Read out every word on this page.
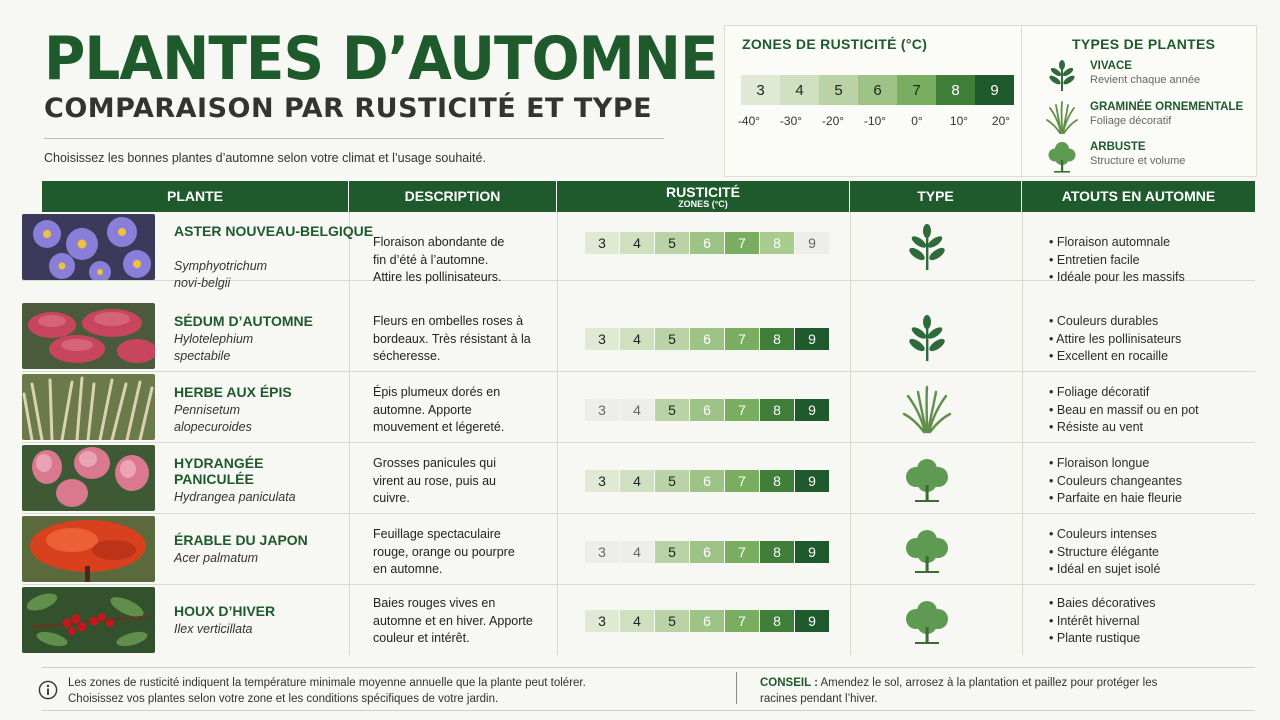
PLANTES D’AUTOMNE
COMPARAISON PAR RUSTICITÉ ET TYPE
Choisissez les bonnes plantes d’automne selon votre climat et l’usage souhaité.
ZONES DE RUSTICITÉ (°C)
3	4	5	6	7	8	9
-40°	-30°	-20°	-10°	0°	10°	20°
TYPES DE PLANTES
VIVACE
Revient chaque année
GRAMINÉE ORNEMENTALE
Foliage décoratif
ARBUSTE
Structure et volume
PLANTE	DESCRIPTION	RUSTICITÉ
ZONES (°C)	TYPE	ATOUTS EN AUTOMNE
ASTER NOUVEAU-BELGIQUE
Symphyotrichum novi-belgii
Floraison abondante de fin d’été à l’automne. Attire les pollinisateurs.
3	4	5	6	7	8	9
•	Floraison automnale
• Entretien facile
• Idéale pour les massifs
SÉDUM D’AUTOMNE
Hylotelephium spectabile
Fleurs en ombelles roses à bordeaux. Très résistant à la sécheresse.
3	4	5	6	7	8	9
• Couleurs durables
• Attire les pollinisateurs
• Excellent en rocaille
HERBE AUX ÉPIS
Pennisetum alopecuroides
Épis plumeux dorés en automne. Apporte mouvement et légereté.
3	4	5	6	7	8	9
• Foliage décoratif
• Beau en massif ou en pot
• Résiste au vent
HYDRANGÉE PANICULÉE
Hydrangea paniculata
Grosses panicules qui virent au rose, puis au cuivre.
3	4	5	6	7	8	9
• Floraison longue
• Couleurs changeantes
• Parfaite en haie fleurie
ÉRABLE DU JAPON
Acer palmatum
Feuillage spectaculaire rouge, orange ou pourpre en automne.
3	4	5	6	7	8	9
• Couleurs intenses
• Structure élégante
• Idéal en sujet isolé
HOUX D’HIVER
Ilex verticillata
Baies rouges vives en automne et en hiver. Apporte couleur et intérêt.
3	4	5	6	7	8	9
• Baies décoratives
• Intérêt hivernal
• Plante rustique
Les zones de rusticité indiquent la température minimale moyenne annuelle que la plante peut tolérer. Choisissez vos plantes selon votre zone et les conditions spécifiques de votre jardin.
CONSEIL : Amendez le sol, arrosez à la plantation et paillez pour protéger les racines pendant l’hiver.
